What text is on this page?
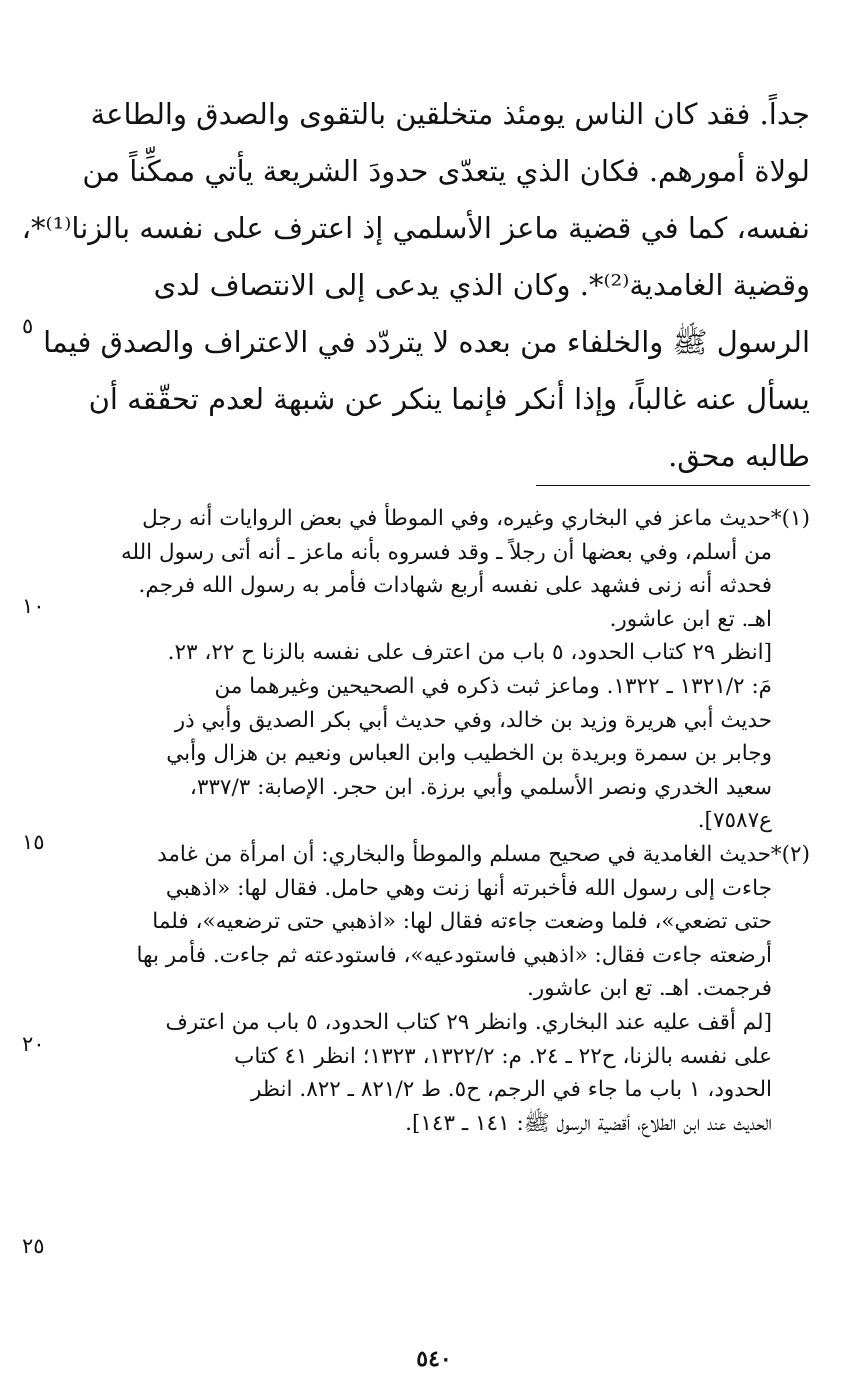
جداً. فقد كان الناس يومئذ متخلقين بالتقوى والصدق والطاعة
لولاة أمورهم. فكان الذي يتعدّى حدودَ الشريعة يأتي ممكِّناً من
نفسه، كما في قضية ماعز الأسلمي إذ اعترف على نفسه بالزنا⁽¹⁾*،
وقضية الغامدية⁽²⁾*. وكان الذي يدعى إلى الانتصاف لدى
الرسول ﷺ والخلفاء من بعده لا يتردّد في الاعتراف والصدق فيما
يسأل عنه غالباً، وإذا أنكر فإنما ينكر عن شبهة لعدم تحقّقه أن
طالبه محق.
(١)*حديث ماعز في البخاري وغيره، وفي الموطأ في بعض الروايات أنه رجل
من أسلم، وفي بعضها أن رجلاً ـ وقد فسروه بأنه ماعز ـ أنه أتى رسول الله
فحدثه أنه زنى فشهد على نفسه أربع شهادات فأمر به رسول الله فرجم.
اهـ. تع ابن عاشور.
[انظر ٢٩ كتاب الحدود، ٥ باب من اعترف على نفسه بالزنا ح ٢٢، ٢٣.
مَ: ١٣٢١/٢ ـ ١٣٢٢. وماعز ثبت ذكره في الصحيحين وغيرهما من
حديث أبي هريرة وزيد بن خالد، وفي حديث أبي بكر الصديق وأبي ذر
وجابر بن سمرة وبريدة بن الخطيب وابن العباس ونعيم بن هزال وأبي
سعيد الخدري ونصر الأسلمي وأبي برزة. ابن حجر. الإصابة: ٣٣٧/٣،
ع٧٥٨٧].
(٢)*حديث الغامدية في صحيح مسلم والموطأ والبخاري: أن امرأة من غامد
جاءت إلى رسول الله فأخبرته أنها زنت وهي حامل. فقال لها: «اذهبي
حتى تضعي»، فلما وضعت جاءته فقال لها: «اذهبي حتى ترضعيه»، فلما
أرضعته جاءت فقال: «اذهبي فاستودعيه»، فاستودعته ثم جاءت. فأمر بها
فرجمت. اهـ. تع ابن عاشور.
[لم أقف عليه عند البخاري. وانظر ٢٩ كتاب الحدود، ٥ باب من اعترف
على نفسه بالزنا، ح٢٢ ـ ٢٤. م: ١٣٢٢/٢، ١٣٢٣؛ انظر ٤١ كتاب
الحدود، ١ باب ما جاء في الرجم، ح٥. ط ٨٢١/٢ ـ ٨٢٢. انظر
الحديث عند ابن الطلاع، أقضية الرسول ﷺ: ١٤١ ـ ١٤٣].
٥
١٠
١٥
٢٠
٢٥
٥٤٠
